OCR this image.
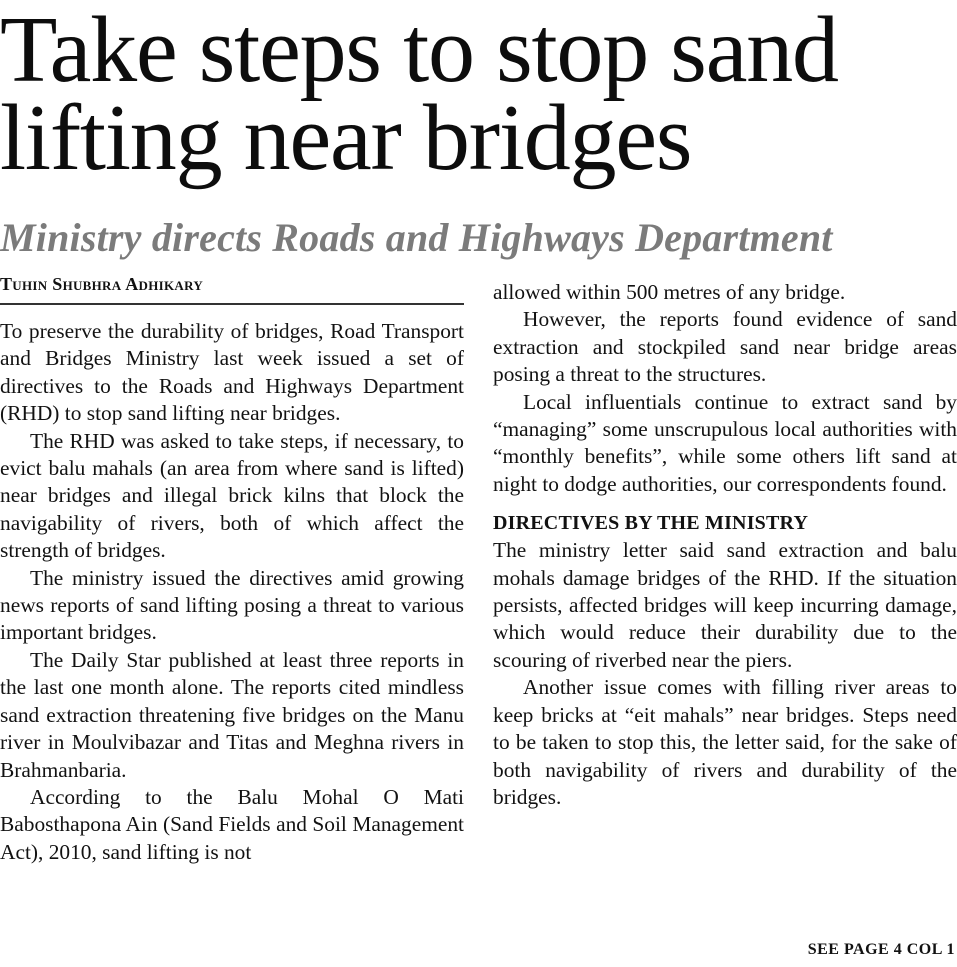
Take steps to stop sand lifting near bridges
Ministry directs Roads and Highways Department
Tuhin Shubhra Adhikary

To preserve the durability of bridges, Road Transport and Bridges Ministry last week issued a set of directives to the Roads and Highways Department (RHD) to stop sand lifting near bridges.

The RHD was asked to take steps, if necessary, to evict balu mahals (an area from where sand is lifted) near bridges and illegal brick kilns that block the navigability of rivers, both of which affect the strength of bridges.

The ministry issued the directives amid growing news reports of sand lifting posing a threat to various important bridges.

The Daily Star published at least three reports in the last one month alone. The reports cited mindless sand extraction threatening five bridges on the Manu river in Moulvibazar and Titas and Meghna rivers in Brahmanbaria.

According to the Balu Mohal O Mati Babosthapona Ain (Sand Fields and Soil Management Act), 2010, sand lifting is not

allowed within 500 metres of any bridge.

However, the reports found evidence of sand extraction and stockpiled sand near bridge areas posing a threat to the structures.

Local influentials continue to extract sand by “managing” some unscrupulous local authorities with “monthly benefits”, while some others lift sand at night to dodge authorities, our correspondents found.

DIRECTIVES BY THE MINISTRY

The ministry letter said sand extraction and balu mohals damage bridges of the RHD. If the situation persists, affected bridges will keep incurring damage, which would reduce their durability due to the scouring of riverbed near the piers.

Another issue comes with filling river areas to keep bricks at “eit mahals” near bridges. Steps need to be taken to stop this, the letter said, for the sake of both navigability of rivers and durability of the bridges.

SEE PAGE 4 COL 1
